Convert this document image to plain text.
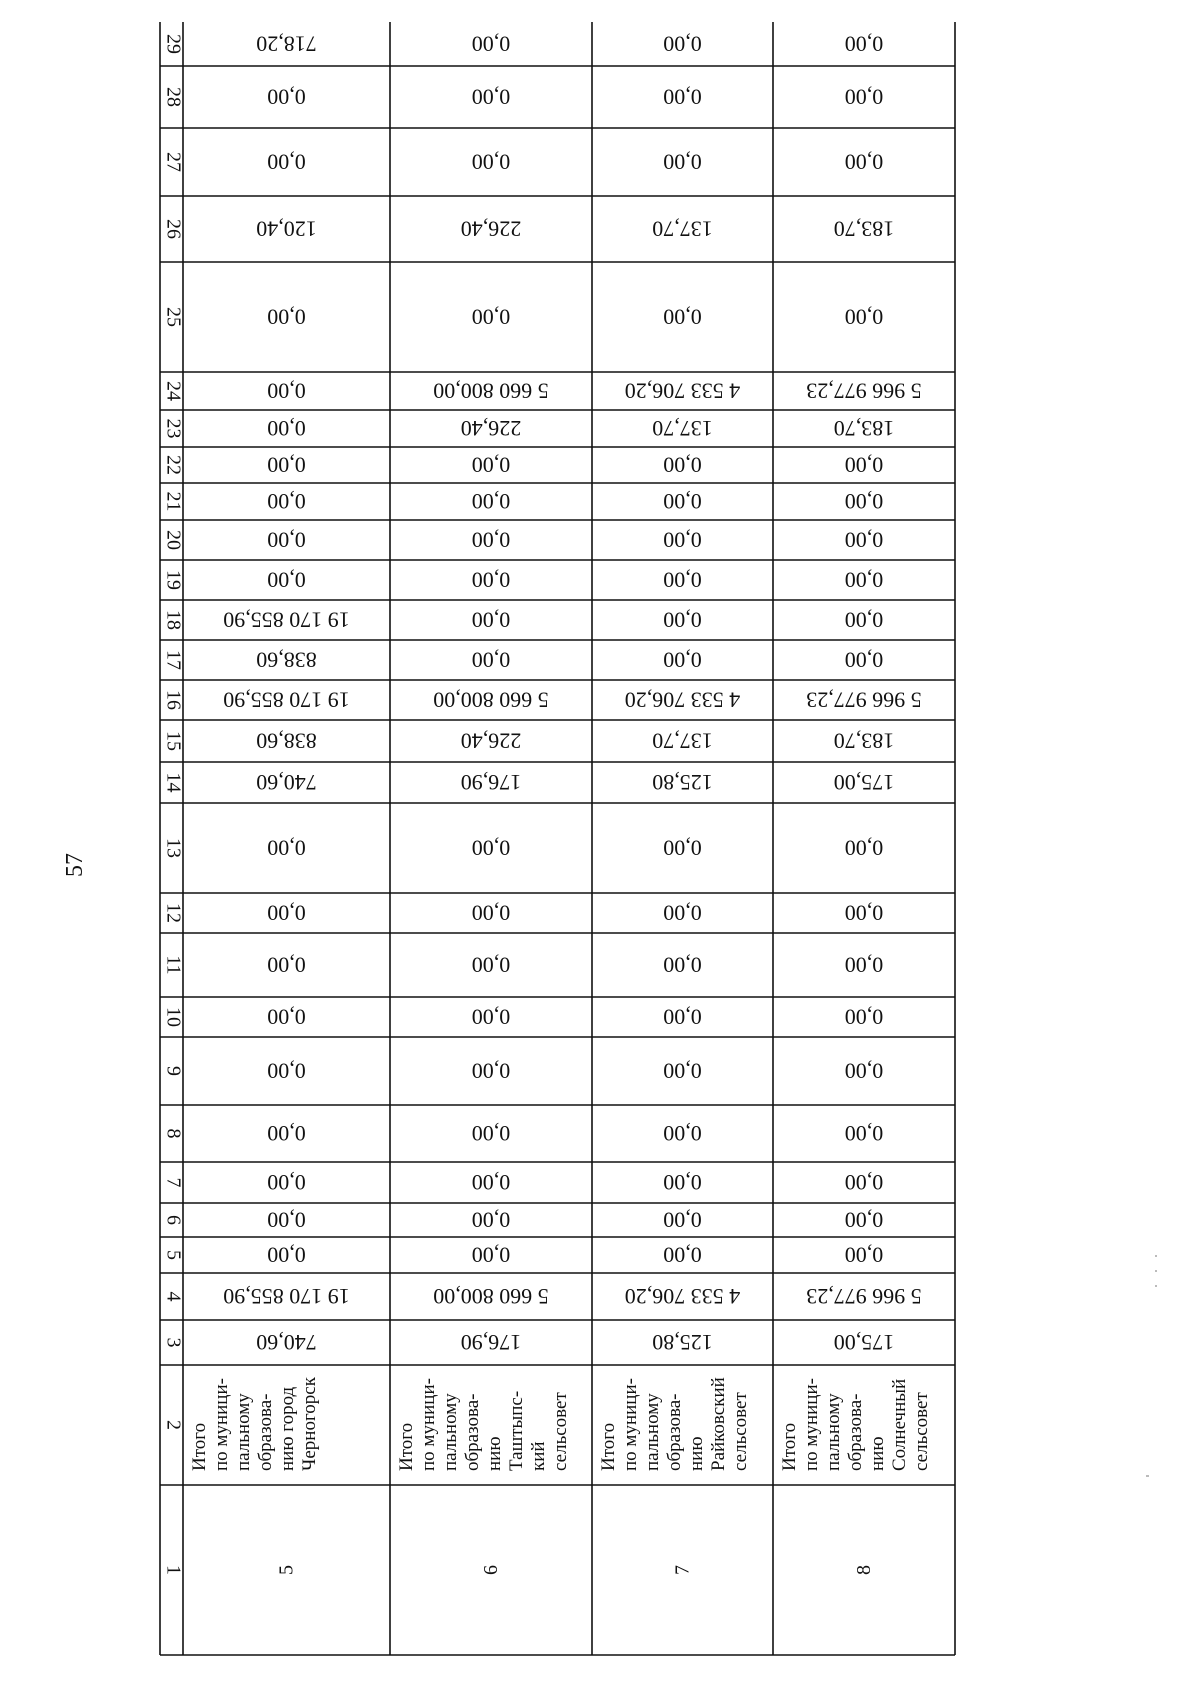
57
1
2
3
4
5
6
7
8
9
10
11
12
13
14
15
16
17
18
19
20
21
22
23
24
25
26
27
28
29
5
Итогопо муници-пальномуобразова-нию городЧерногорск
740,60
19 170 855,90
0,00
0,00
0,00
0,00
0,00
0,00
0,00
0,00
0,00
740,60
838,60
19 170 855,90
838,60
19 170 855,90
0,00
0,00
0,00
0,00
0,00
0,00
0,00
120,40
0,00
0,00
718,20
6
Итогопо муници-пальномуобразова-ниюТаштыпс-кийсельсовет
176,90
5 660 800,00
0,00
0,00
0,00
0,00
0,00
0,00
0,00
0,00
0,00
176,90
226,40
5 660 800,00
0,00
0,00
0,00
0,00
0,00
0,00
226,40
5 660 800,00
0,00
226,40
0,00
0,00
0,00
7
Итогопо муници-пальномуобразова-ниюРайковскийсельсовет
125,80
4 533 706,20
0,00
0,00
0,00
0,00
0,00
0,00
0,00
0,00
0,00
125,80
137,70
4 533 706,20
0,00
0,00
0,00
0,00
0,00
0,00
137,70
4 533 706,20
0,00
137,70
0,00
0,00
0,00
8
Итогопо муници-пальномуобразова-ниюСолнечныйсельсовет
175,00
5 966 977,23
0,00
0,00
0,00
0,00
0,00
0,00
0,00
0,00
0,00
175,00
183,70
5 966 977,23
0,00
0,00
0,00
0,00
0,00
0,00
183,70
5 966 977,23
0,00
183,70
0,00
0,00
0,00
